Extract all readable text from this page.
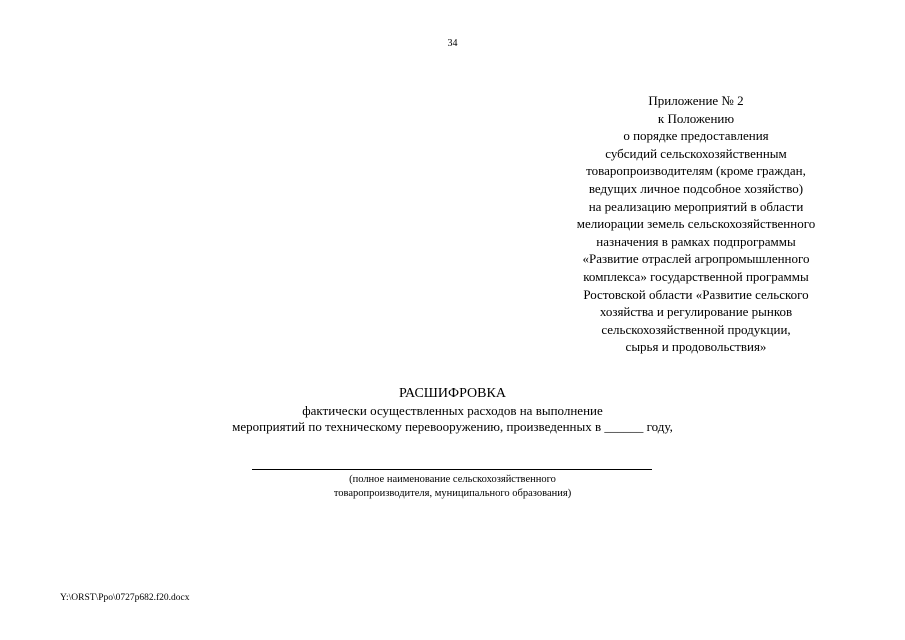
34
Приложение № 2
к Положению
о порядке предоставления
субсидий сельскохозяйственным
товаропроизводителям (кроме граждан,
ведущих личное подсобное хозяйство)
на реализацию мероприятий в области
мелиорации земель сельскохозяйственного
назначения в рамках подпрограммы
«Развитие отраслей агропромышленного
комплекса» государственной программы
Ростовской области «Развитие сельского
хозяйства и регулирование рынков
сельскохозяйственной продукции,
сырья и продовольствия»
РАСШИФРОВКА
фактически осуществленных расходов на выполнение
мероприятий по техническому перевооружению, произведенных в ______ году,
(полное наименование сельскохозяйственного
товаропроизводителя, муниципального образования)
Y:\ORST\Ppo\0727p682.f20.docx
